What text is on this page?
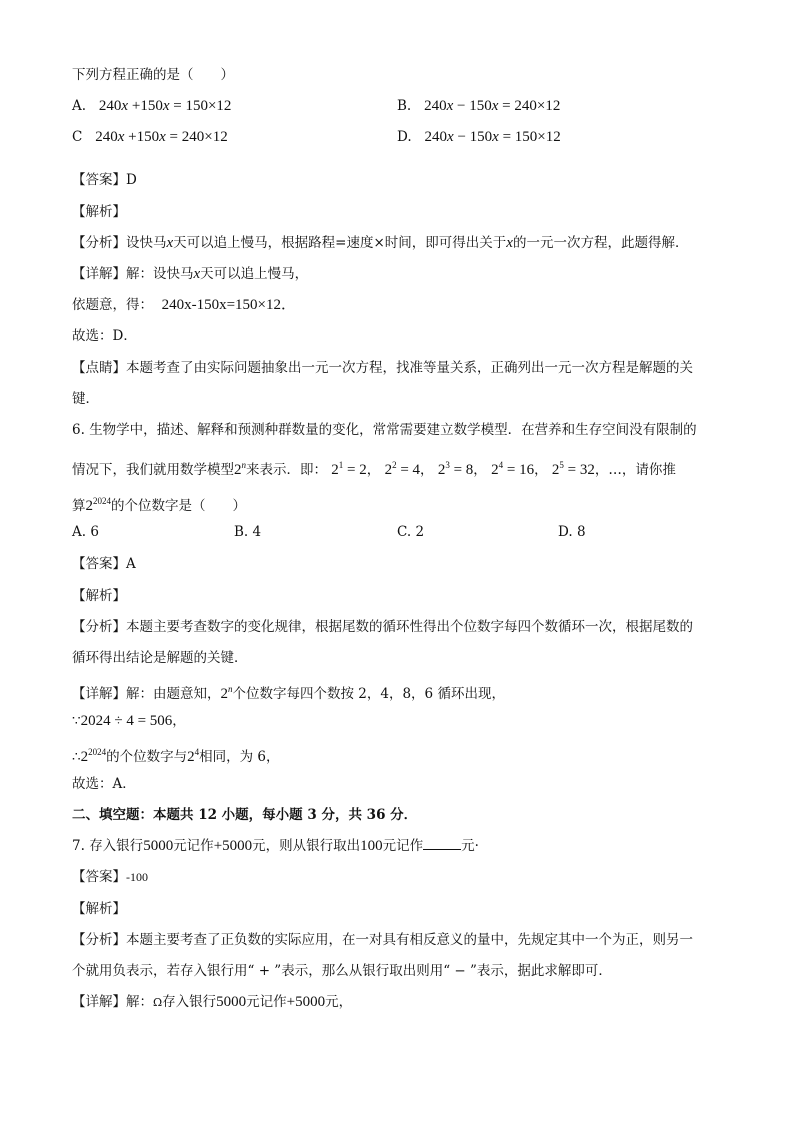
下列方程正确的是（　　）
A. 240x +150x = 150×12	B. 240x − 150x = 240×12
C 240x +150x = 240×12	D. 240x − 150x = 150×12
【答案】D
【解析】
【分析】设快马x天可以追上慢马，根据路程=速度×时间，即可得出关于x的一元一次方程，此题得解．
【详解】解：设快马x天可以追上慢马，
依题意，得： 240x-150x=150×12．
故选：D．
【点睛】本题考查了由实际问题抽象出一元一次方程，找准等量关系，正确列出一元一次方程是解题的关
键．
6. 生物学中，描述、解释和预测种群数量的变化，常常需要建立数学模型．在营养和生存空间没有限制的
情况下，我们就用数学模型2$^n$来表示．即： $2^1 = 2$， $2^2 = 4$， $2^3 = 8$， $2^4 = 16$， $2^5 = 32$，…，请你推
算$2^{2024}$的个位数字是（　　）
A. 6	B. 4	C. 2	D. 8
【答案】A
【解析】
【分析】本题主要考查数字的变化规律，根据尾数的循环性得出个位数字每四个数循环一次，根据尾数的
循环得出结论是解题的关键．
【详解】解：由题意知，2$^n$个位数字每四个数按 2，4，8，6 循环出现，
∵2024 ÷ 4 = 506，
$\therefore 2^{2024}$的个位数字与$2^4$相同，为 6，
故选：A．
二、填空题：本题共 12 小题，每小题 3 分，共 36 分．
7. 存入银行5000元记作+5000元，则从银行取出100元记作	元·
【答案】-100
【解析】
【分析】本题主要考查了正负数的实际应用，在一对具有相反意义的量中，先规定其中一个为正，则另一
个就用负表示，若存入银行用“ + ”表示，那么从银行取出则用“ − ”表示，据此求解即可．
【详解】解：Ω存入银行5000元记作+5000元，
